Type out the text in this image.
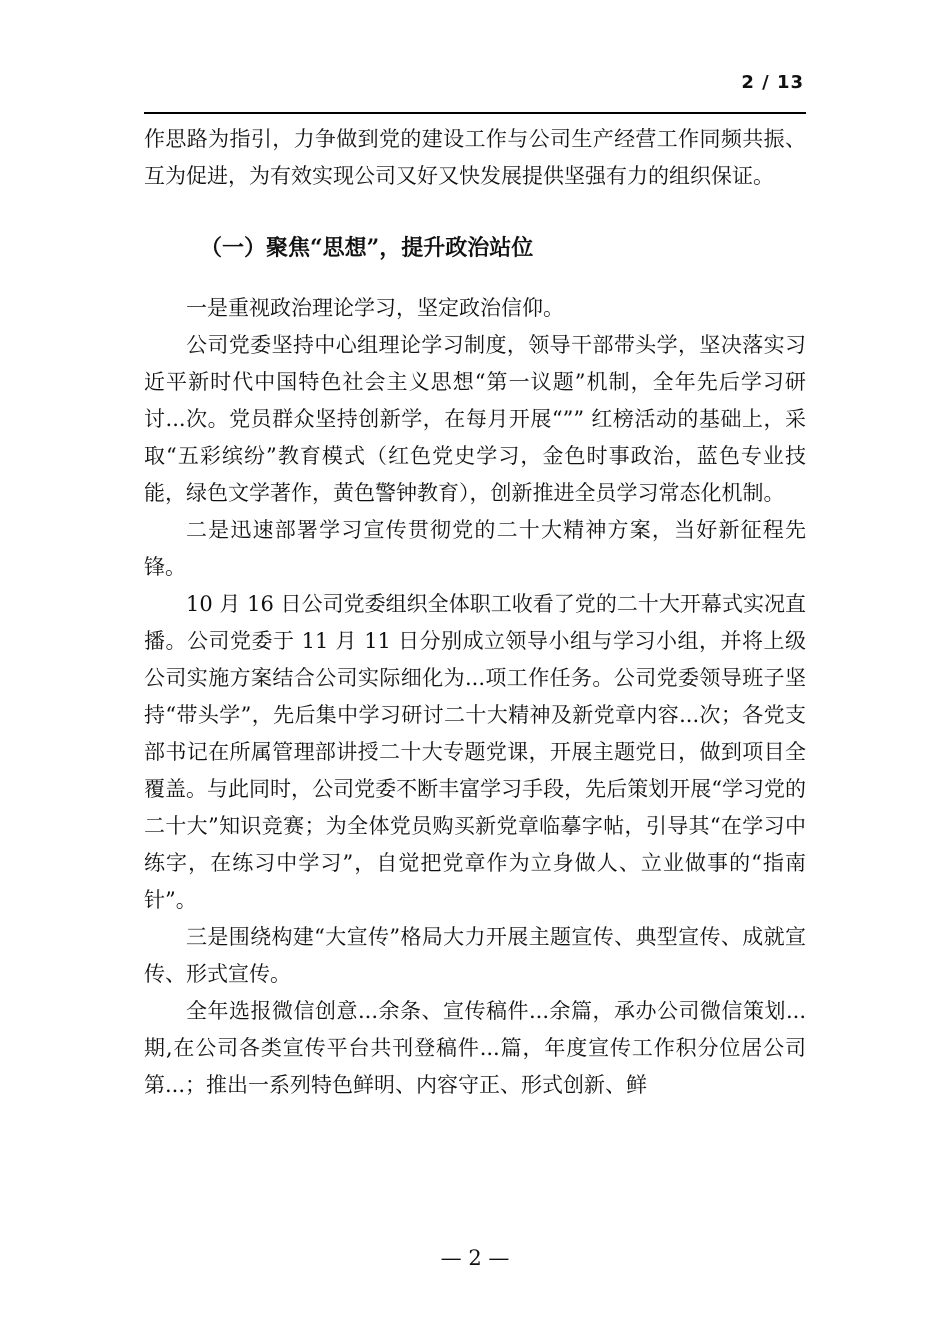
2 / 13

作思路为指引，力争做到党的建设工作与公司生产经营工作同频共振、互为促进，为有效实现公司又好又快发展提供坚强有力的组织保证。

（一）聚焦“思想”，提升政治站位

一是重视政治理论学习，坚定政治信仰。

公司党委坚持中心组理论学习制度，领导干部带头学，坚决落实习近平新时代中国特色社会主义思想“第一议题”机制，全年先后学习研讨...次。党员群众坚持创新学，在每月开展“”” 红榜活动的基础上，采取“五彩缤纷”教育模式（红色党史学习，金色时事政治，蓝色专业技能，绿色文学著作，黄色警钟教育），创新推进全员学习常态化机制。

二是迅速部署学习宣传贯彻党的二十大精神方案，当好新征程先锋。

10 月 16 日公司党委组织全体职工收看了党的二十大开幕式实况直播。公司党委于 11 月 11 日分别成立领导小组与学习小组，并将上级公司实施方案结合公司实际细化为...项工作任务。公司党委领导班子坚持“带头学”，先后集中学习研讨二十大精神及新党章内容...次；各党支部书记在所属管理部讲授二十大专题党课，开展主题党日，做到项目全覆盖。与此同时，公司党委不断丰富学习手段，先后策划开展“学习党的二十大”知识竞赛；为全体党员购买新党章临摹字帖，引导其“在学习中练字，在练习中学习”，自觉把党章作为立身做人、立业做事的“指南针”。

三是围绕构建“大宣传”格局大力开展主题宣传、典型宣传、成就宣传、形式宣传。

全年选报微信创意...余条、宣传稿件...余篇，承办公司微信策划...期,在公司各类宣传平台共刊登稿件...篇，年度宣传工作积分位居公司第...；推出一系列特色鲜明、内容守正、形式创新、鲜

— 2 —
